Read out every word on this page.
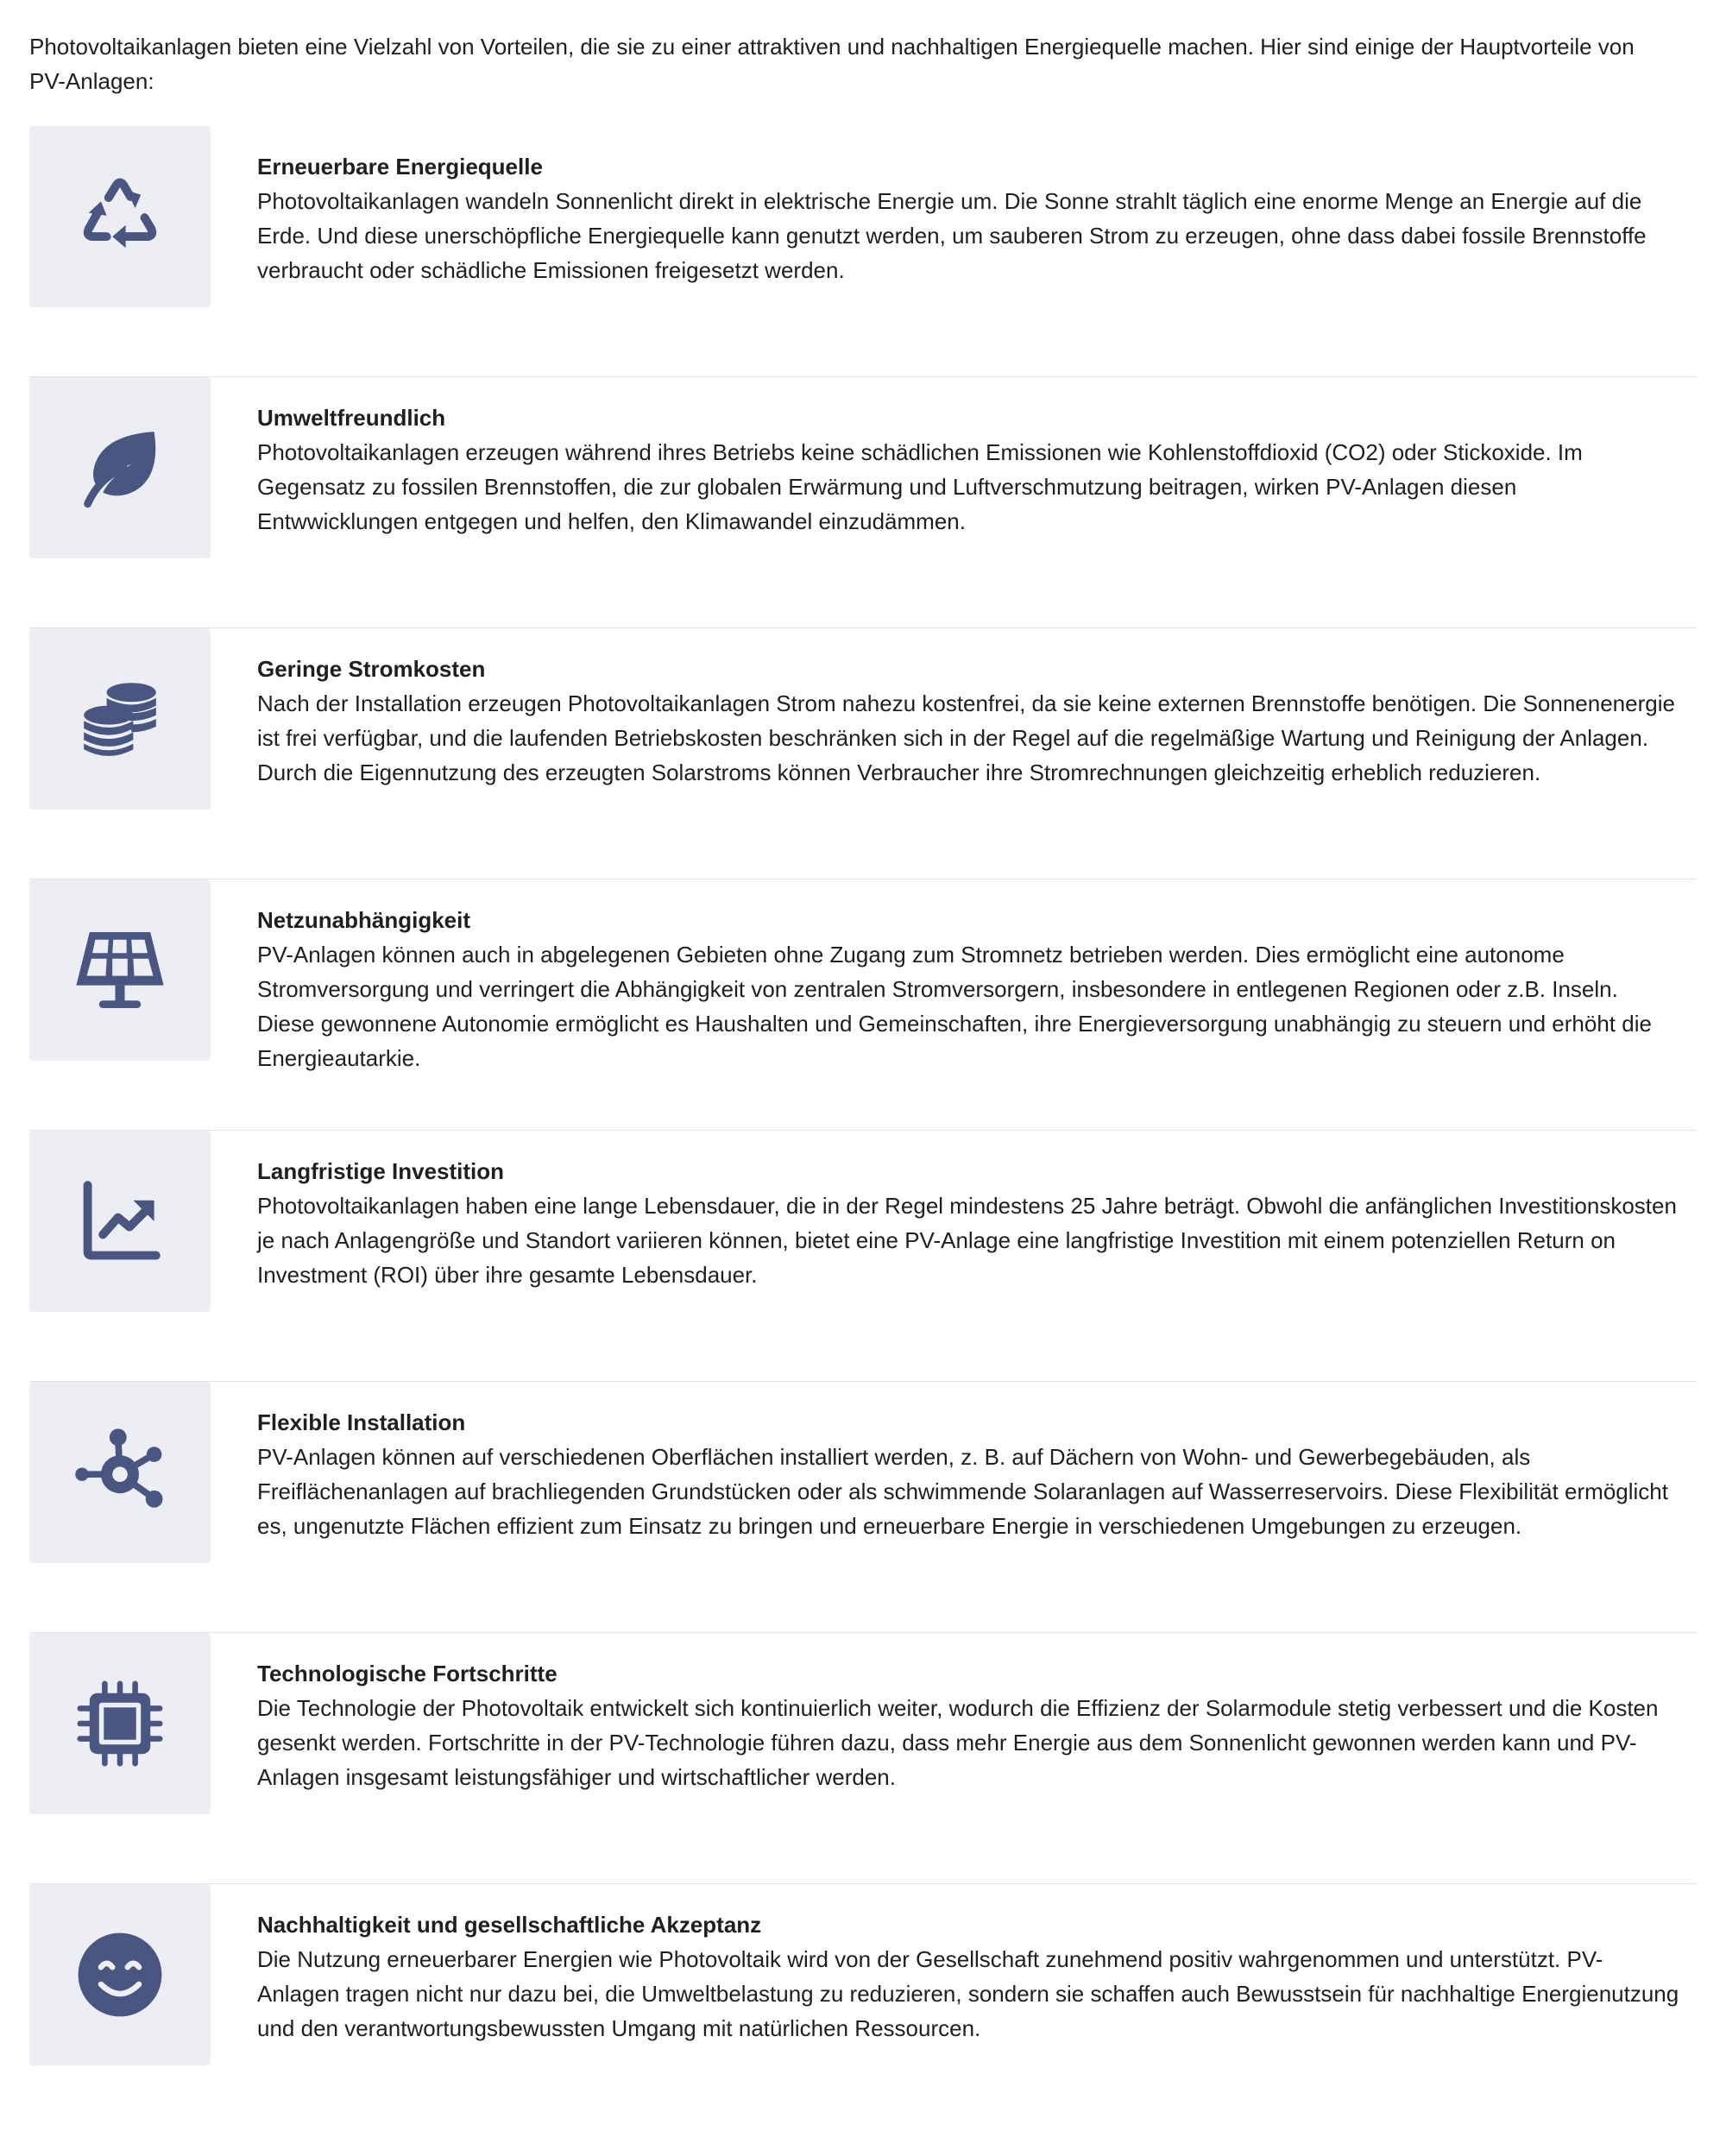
Photovoltaikanlagen bieten eine Vielzahl von Vorteilen, die sie zu einer attraktiven und nachhaltigen Energiequelle machen. Hier sind einige der Hauptvorteile von PV-Anlagen:

Erneuerbare Energiequelle

Photovoltaikanlagen wandeln Sonnenlicht direkt in elektrische Energie um. Die Sonne strahlt täglich eine enorme Menge an Energie auf die Erde. Und diese unerschöpfliche Energiequelle kann genutzt werden, um sauberen Strom zu erzeugen, ohne dass dabei fossile Brennstoffe verbraucht oder schädliche Emissionen freigesetzt werden.

Umweltfreundlich

Photovoltaikanlagen erzeugen während ihres Betriebs keine schädlichen Emissionen wie Kohlenstoffdioxid (CO2) oder Stickoxide. Im Gegensatz zu fossilen Brennstoffen, die zur globalen Erwärmung und Luftverschmutzung beitragen, wirken PV-Anlagen diesen Entwwicklungen entgegen und helfen, den Klimawandel einzudämmen.

Geringe Stromkosten

Nach der Installation erzeugen Photovoltaikanlagen Strom nahezu kostenfrei, da sie keine externen Brennstoffe benötigen. Die Sonnenenergie ist frei verfügbar, und die laufenden Betriebskosten beschränken sich in der Regel auf die regelmäßige Wartung und Reinigung der Anlagen. Durch die Eigennutzung des erzeugten Solarstroms können Verbraucher ihre Stromrechnungen gleichzeitig erheblich reduzieren.

Netzunabhängigkeit

PV-Anlagen können auch in abgelegenen Gebieten ohne Zugang zum Stromnetz betrieben werden. Dies ermöglicht eine autonome Stromversorgung und verringert die Abhängigkeit von zentralen Stromversorgern, insbesondere in entlegenen Regionen oder z.B. Inseln. Diese gewonnene Autonomie ermöglicht es Haushalten und Gemeinschaften, ihre Energieversorgung unabhängig zu steuern und erhöht die Energieautarkie.

Langfristige Investition

Photovoltaikanlagen haben eine lange Lebensdauer, die in der Regel mindestens 25 Jahre beträgt. Obwohl die anfänglichen Investitionskosten je nach Anlagengröße und Standort variieren können, bietet eine PV-Anlage eine langfristige Investition mit einem potenziellen Return on Investment (ROI) über ihre gesamte Lebensdauer.

Flexible Installation

PV-Anlagen können auf verschiedenen Oberflächen installiert werden, z. B. auf Dächern von Wohn- und Gewerbegebäuden, als Freiflächenanlagen auf brachliegenden Grundstücken oder als schwimmende Solaranlagen auf Wasserreservoirs. Diese Flexibilität ermöglicht es, ungenutzte Flächen effizient zum Einsatz zu bringen und erneuerbare Energie in verschiedenen Umgebungen zu erzeugen.

Technologische Fortschritte

Die Technologie der Photovoltaik entwickelt sich kontinuierlich weiter, wodurch die Effizienz der Solarmodule stetig verbessert und die Kosten gesenkt werden. Fortschritte in der PV-Technologie führen dazu, dass mehr Energie aus dem Sonnenlicht gewonnen werden kann und PV-Anlagen insgesamt leistungsfähiger und wirtschaftlicher werden.

Nachhaltigkeit und gesellschaftliche Akzeptanz

Die Nutzung erneuerbarer Energien wie Photovoltaik wird von der Gesellschaft zunehmend positiv wahrgenommen und unterstützt. PV-Anlagen tragen nicht nur dazu bei, die Umweltbelastung zu reduzieren, sondern sie schaffen auch Bewusstsein für nachhaltige Energienutzung und den verantwortungsbewussten Umgang mit natürlichen Ressourcen.
